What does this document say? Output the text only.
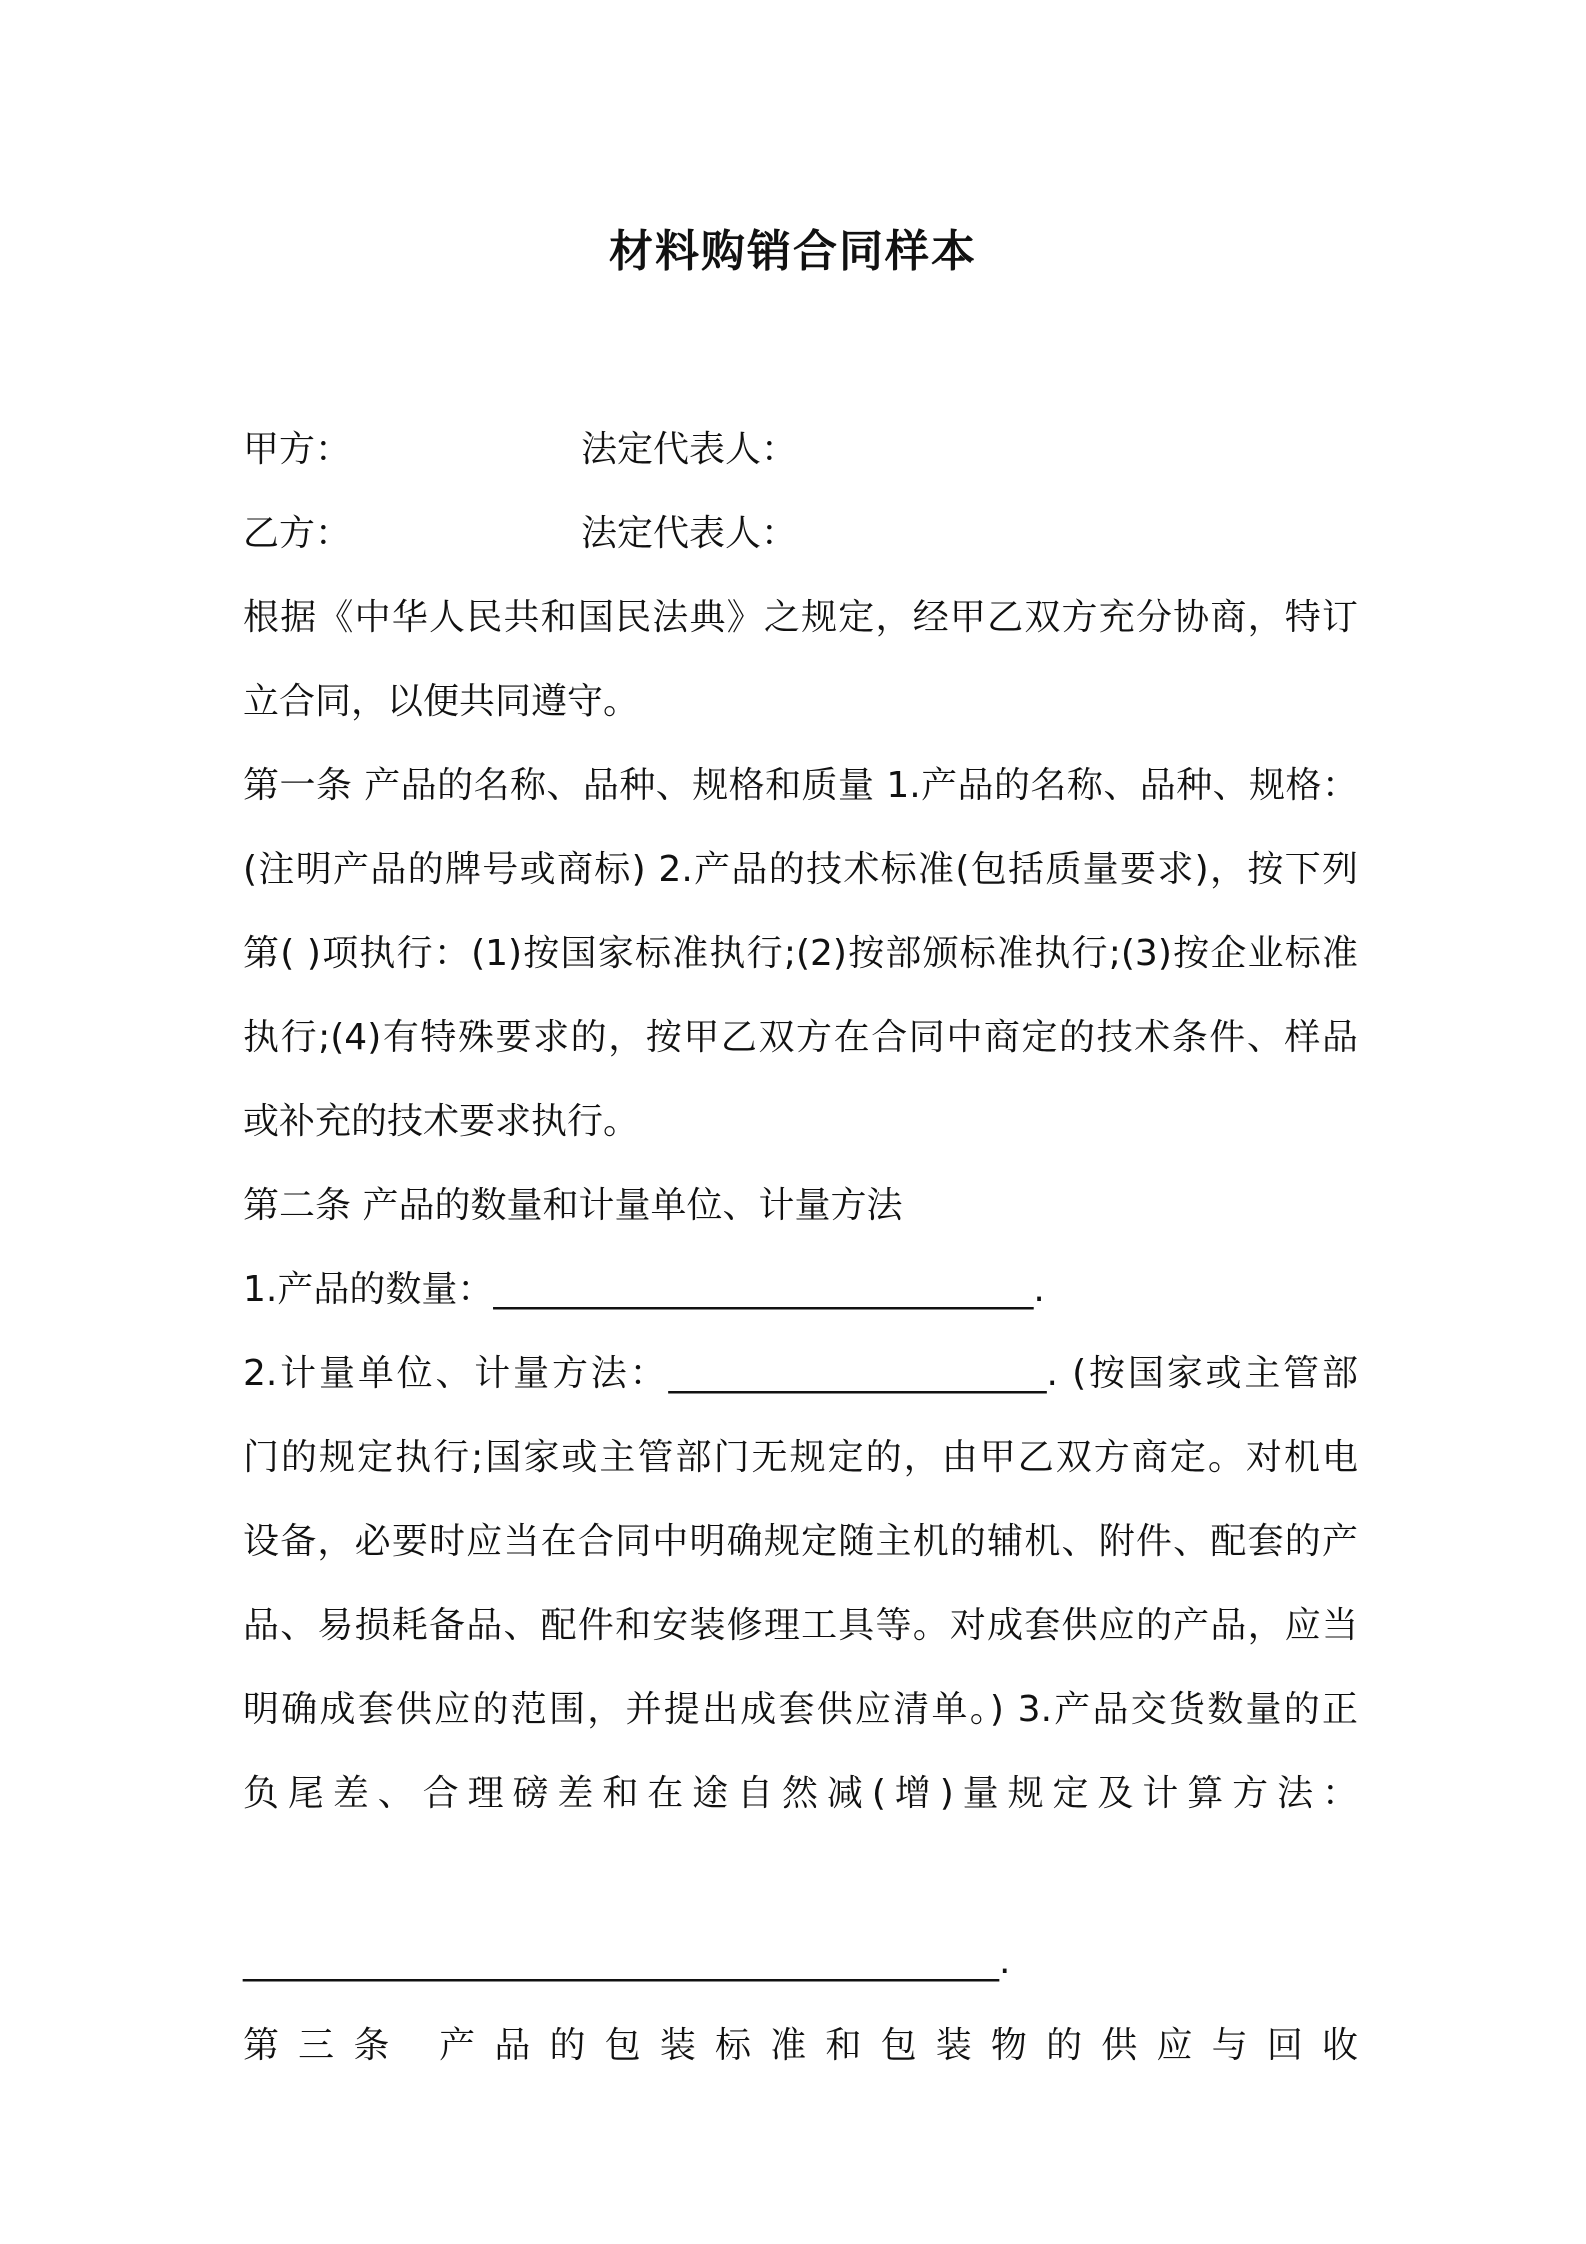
材料购销合同样本
甲方：	法定代表人：
乙方：	法定代表人：
根据《中华人民共和国民法典》之规定，经甲乙双方充分协商，特订
立合同，以便共同遵守。
第一条 产品的名称、品种、规格和质量 1.产品的名称、品种、规格：
(注明产品的牌号或商标) 2.产品的技术标准(包括质量要求)，按下列
第( )项执行：(1)按国家标准执行;(2)按部颁标准执行;(3)按企业标准
执行;(4)有特殊要求的，按甲乙双方在合同中商定的技术条件、样品
或补充的技术要求执行。
第二条 产品的数量和计量单位、计量方法
1.产品的数量：______________________________.
2.计量单位、计量方法：_____________________. (按国家或主管部
门的规定执行;国家或主管部门无规定的，由甲乙双方商定。对机电
设备，必要时应当在合同中明确规定随主机的辅机、附件、配套的产
品、易损耗备品、配件和安装修理工具等。对成套供应的产品，应当
明确成套供应的范围，并提出成套供应清单。) 3.产品交货数量的正
负尾差、合理磅差和在途自然减(增)量规定及计算方法：
__________________________________________.
第三条 产品的包装标准和包装物的供应与回收
